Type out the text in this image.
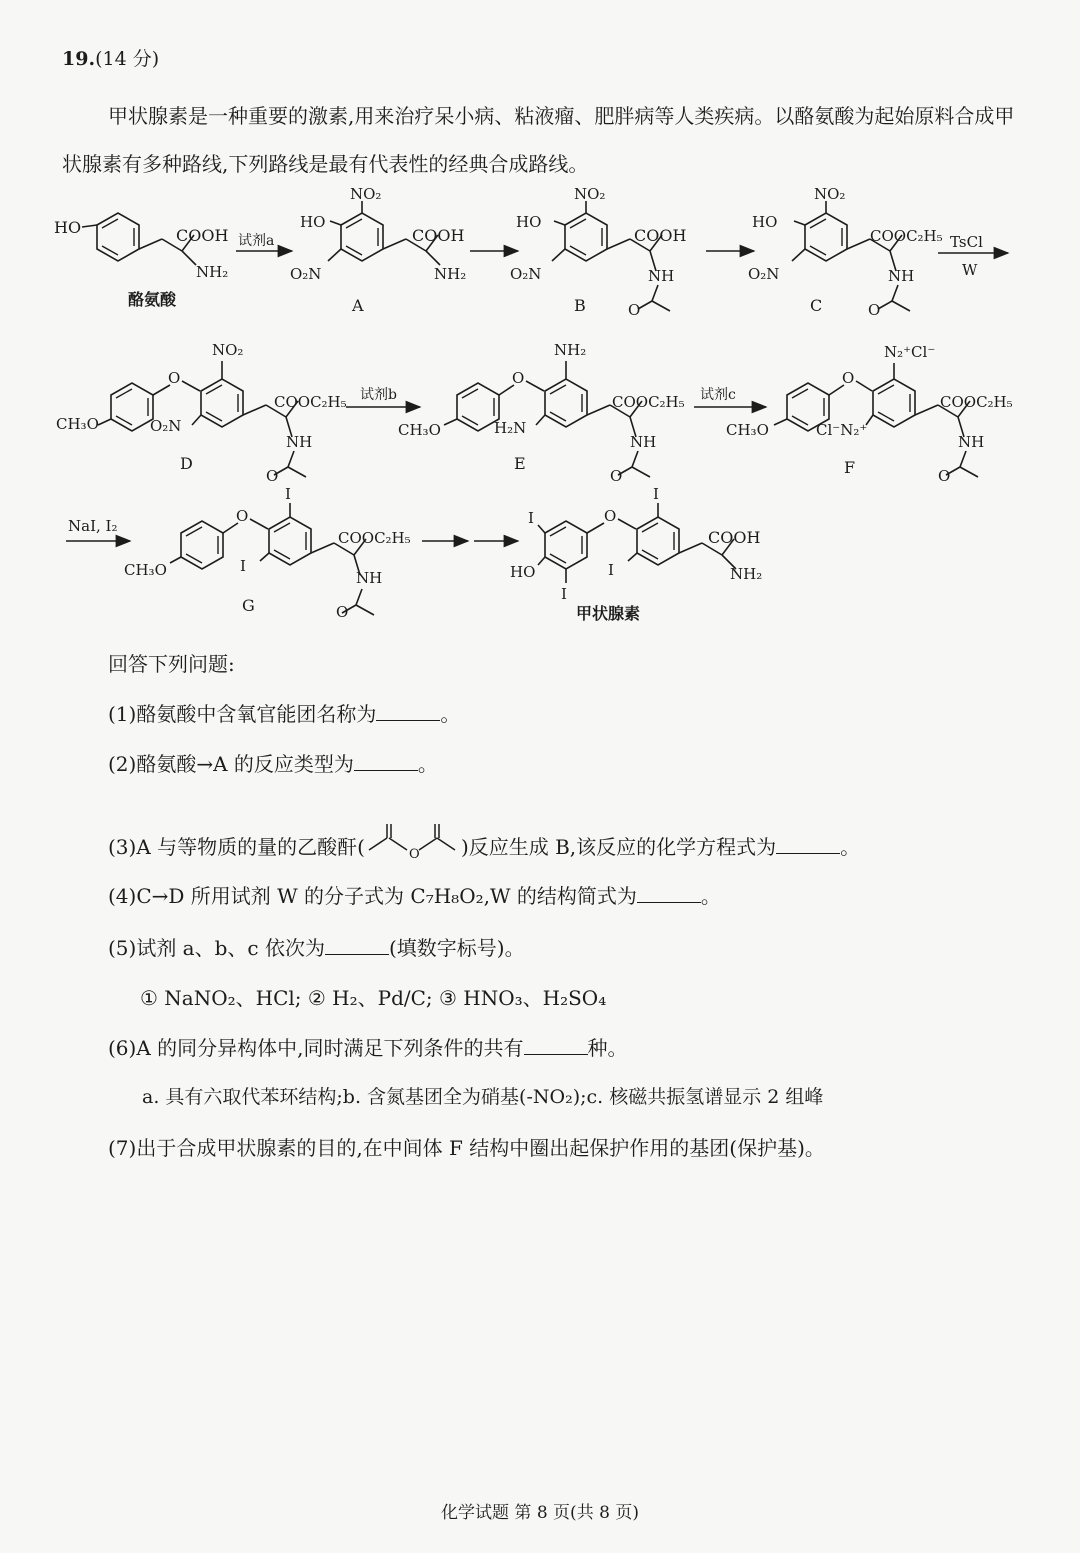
19.(14 分)
甲状腺素是一种重要的激素,用来治疗呆小病、粘液瘤、肥胖病等人类疾病。以酪氨酸为起始原料合成甲状腺素有多种路线,下列路线是最有代表性的经典合成路线。
HO	COOH
NH₂
酪氨酸
试剂a
NO₂
HO
O₂N
COOH
NH₂
A
NO₂
HO
O₂N
COOH
NH
O
B
NO₂
HO
O₂N
COOC₂H₅
NH
O
C
TsCl
W
CH₃O
O
NO₂
O₂N
COOC₂H₅
NH
O
D
试剂b
CH₃O
O
NH₂
H₂N
COOC₂H₅
NH
O
E
试剂c
CH₃O
O
N₂⁺Cl⁻
Cl⁻N₂⁺
COOC₂H₅
NH
O
F
NaI, I₂
CH₃O
O
I
I
COOC₂H₅
NH
O
G
I
I
HO
O
I
I
COOH
NH₂
甲状腺素
回答下列问题:
(1)酪氨酸中含氧官能团名称为	。
(2)酪氨酸→A 的反应类型为	。
(3)A 与等物质的量的乙酸酐(	O )反应生成 B,该反应的化学方程式为	。
(4)C→D 所用试剂 W 的分子式为 C₇H₈O₂,W 的结构简式为	。
(5)试剂 a、b、c 依次为	(填数字标号)。
① NaNO₂、HCl; ② H₂、Pd/C; ③ HNO₃、H₂SO₄
(6)A 的同分异构体中,同时满足下列条件的共有	种。
a. 具有六取代苯环结构;b. 含氮基团全为硝基(-NO₂);c. 核磁共振氢谱显示 2 组峰
(7)出于合成甲状腺素的目的,在中间体 F 结构中圈出起保护作用的基团(保护基)。
化学试题 第 8 页(共 8 页)
